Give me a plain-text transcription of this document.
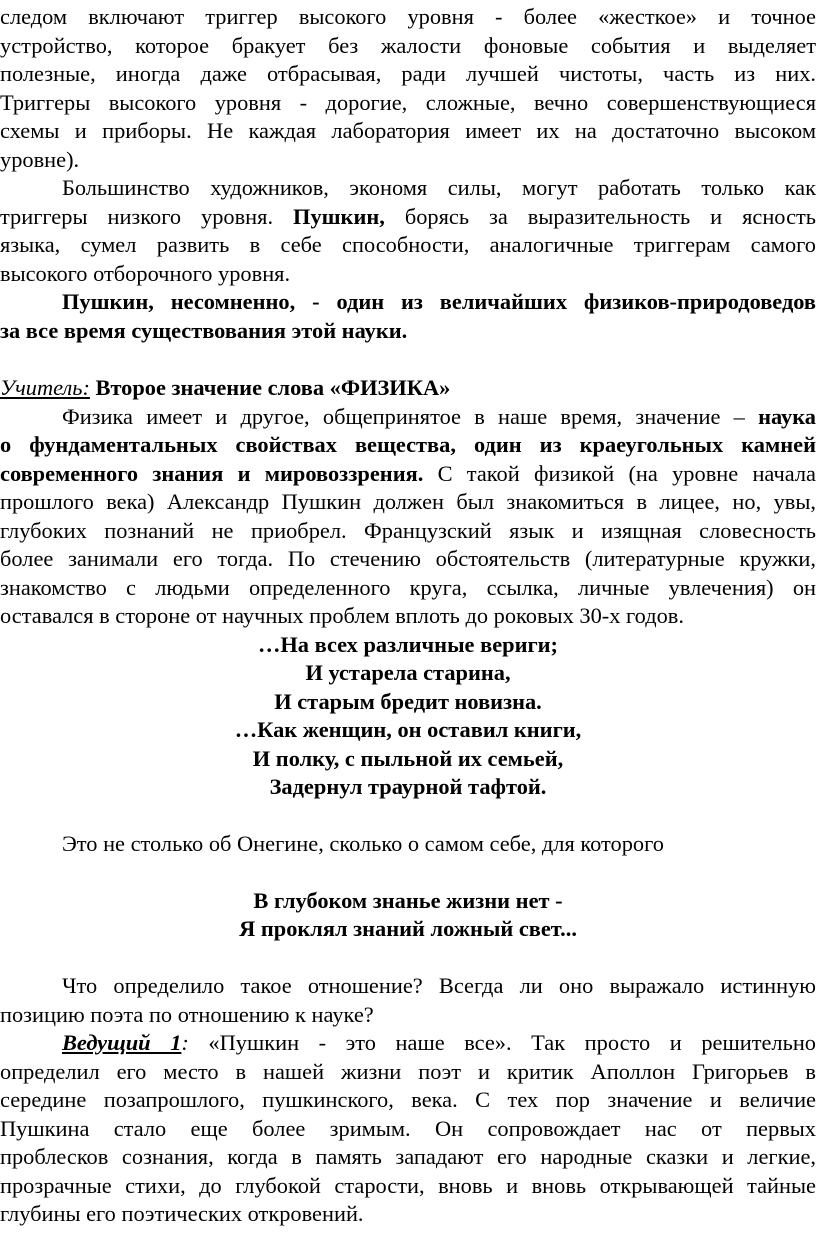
следом включают триггер высокого уровня - более «жесткое» и точное
устройство, которое бракует без жалости фоновые события и выделяет
полезные, иногда даже отбрасывая, ради лучшей чистоты, часть из них.
Триггеры высокого уровня - дорогие, сложные, вечно совершенствующиеся
схемы и приборы. Не каждая лаборатория имеет их на достаточно высоком
уровне).
Большинство художников, экономя силы, могут работать только как
триггеры низкого уровня. Пушкин, борясь за выразительность и ясность
языка, сумел развить в себе способности, аналогичные триггерам самого
высокого отборочного уровня.
Пушкин, несомненно, - один из величайших физиков-природоведов
за все время существования этой науки.
Учитель: Второе значение слова «ФИЗИКА»
Физика имеет и другое, общепринятое в наше время, значение – наука
о фундаментальных свойствах вещества, один из краеугольных камней
современного знания и мировоззрения. С такой физикой (на уровне начала
прошлого века) Александр Пушкин должен был знакомиться в лицее, но, увы,
глубоких познаний не приобрел. Французский язык и изящная словесность
более занимали его тогда. По стечению обстоятельств (литературные кружки,
знакомство с людьми определенного круга, ссылка, личные увлечения) он
оставался в стороне от научных проблем вплоть до роковых 30-х годов.
…На всех различные вериги;
И устарела старина,
И старым бредит новизна.
…Как женщин, он оставил книги,
И полку, с пыльной их семьей,
Задернул траурной тафтой.
Это не столько об Онегине, сколько о самом себе, для которого
В глубоком знанье жизни нет -
Я проклял знаний ложный свет...
Что определило такое отношение? Всегда ли оно выражало истинную
позицию поэта по отношению к науке?
Ведущий 1: «Пушкин - это наше все». Так просто и решительно
определил его место в нашей жизни поэт и критик Аполлон Григорьев в
середине позапрошлого, пушкинского, века. С тех пор значение и величие
Пушкина стало еще более зримым. Он сопровождает нас от первых
проблесков сознания, когда в память западают его народные сказки и легкие,
прозрачные стихи, до глубокой старости, вновь и вновь открывающей тайные
глубины его поэтических откровений.
